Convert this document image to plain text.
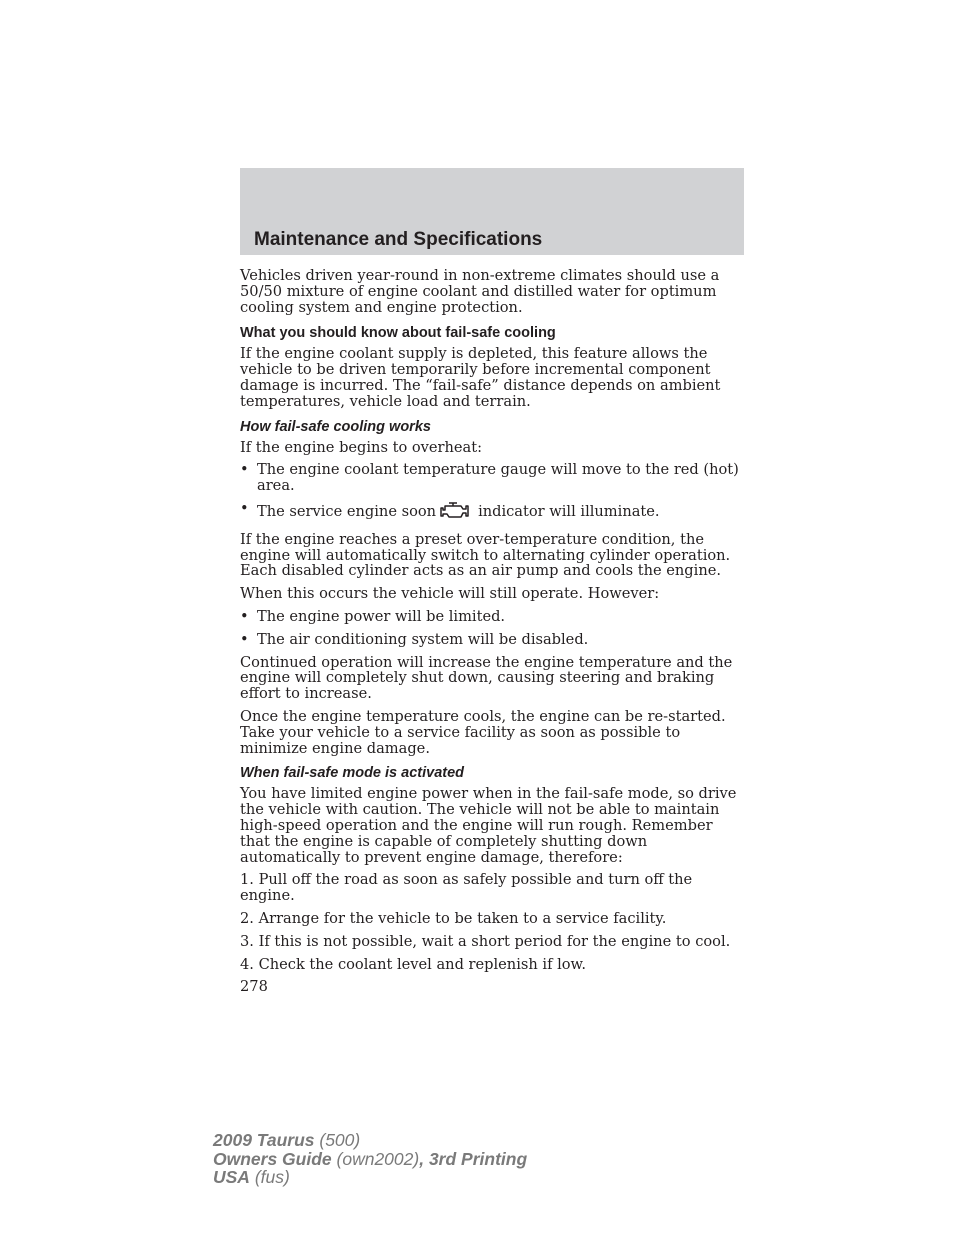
Maintenance and Specifications

Vehicles driven year-round in non-extreme climates should use a 50/50 mixture of engine coolant and distilled water for optimum cooling system and engine protection.

What you should know about fail-safe cooling

If the engine coolant supply is depleted, this feature allows the vehicle to be driven temporarily before incremental component damage is incurred. The “fail-safe” distance depends on ambient temperatures, vehicle load and terrain.

How fail-safe cooling works

If the engine begins to overheat:

• The engine coolant temperature gauge will move to the red (hot) area.
• The service engine soon	indicator will illuminate.

If the engine reaches a preset over-temperature condition, the engine will automatically switch to alternating cylinder operation. Each disabled cylinder acts as an air pump and cools the engine.

When this occurs the vehicle will still operate. However:

• The engine power will be limited.
• The air conditioning system will be disabled.

Continued operation will increase the engine temperature and the engine will completely shut down, causing steering and braking effort to increase.

Once the engine temperature cools, the engine can be re-started. Take your vehicle to a service facility as soon as possible to minimize engine damage.

When fail-safe mode is activated

You have limited engine power when in the fail-safe mode, so drive the vehicle with caution. The vehicle will not be able to maintain high-speed operation and the engine will run rough. Remember that the engine is capable of completely shutting down automatically to prevent engine damage, therefore:

1. Pull off the road as soon as safely possible and turn off the engine.
2. Arrange for the vehicle to be taken to a service facility.
3. If this is not possible, wait a short period for the engine to cool.
4. Check the coolant level and replenish if low.
278
2009 Taurus (500)
Owners Guide (own2002), 3rd Printing
USA (fus)
